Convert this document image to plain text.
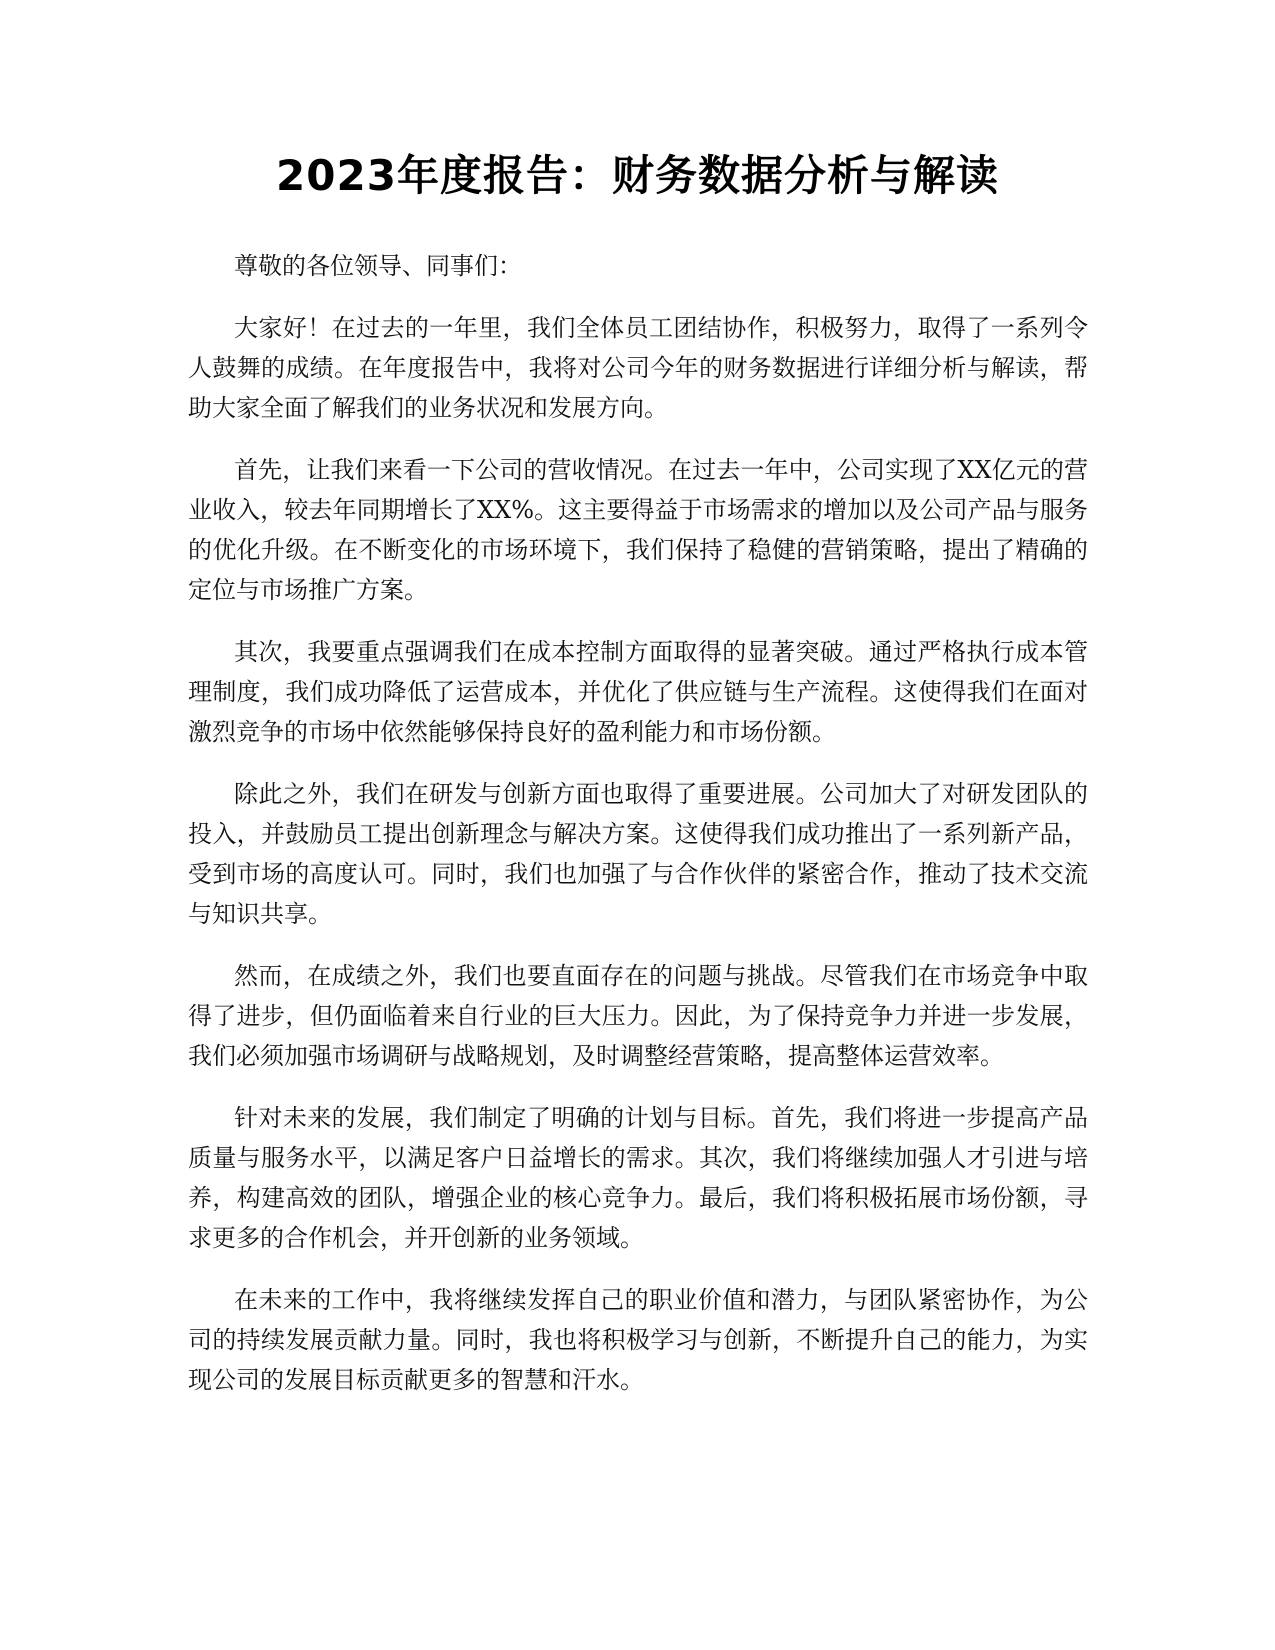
2023年度报告：财务数据分析与解读

尊敬的各位领导、同事们：

大家好！在过去的一年里，我们全体员工团结协作，积极努力，取得了一系列令人鼓舞的成绩。在年度报告中，我将对公司今年的财务数据进行详细分析与解读，帮助大家全面了解我们的业务状况和发展方向。

首先，让我们来看一下公司的营收情况。在过去一年中，公司实现了XX亿元的营业收入，较去年同期增长了XX%。这主要得益于市场需求的增加以及公司产品与服务的优化升级。在不断变化的市场环境下，我们保持了稳健的营销策略，提出了精确的定位与市场推广方案。

其次，我要重点强调我们在成本控制方面取得的显著突破。通过严格执行成本管理制度，我们成功降低了运营成本，并优化了供应链与生产流程。这使得我们在面对激烈竞争的市场中依然能够保持良好的盈利能力和市场份额。

除此之外，我们在研发与创新方面也取得了重要进展。公司加大了对研发团队的投入，并鼓励员工提出创新理念与解决方案。这使得我们成功推出了一系列新产品，受到市场的高度认可。同时，我们也加强了与合作伙伴的紧密合作，推动了技术交流与知识共享。

然而，在成绩之外，我们也要直面存在的问题与挑战。尽管我们在市场竞争中取得了进步，但仍面临着来自行业的巨大压力。因此，为了保持竞争力并进一步发展，我们必须加强市场调研与战略规划，及时调整经营策略，提高整体运营效率。

针对未来的发展，我们制定了明确的计划与目标。首先，我们将进一步提高产品质量与服务水平，以满足客户日益增长的需求。其次，我们将继续加强人才引进与培养，构建高效的团队，增强企业的核心竞争力。最后，我们将积极拓展市场份额，寻求更多的合作机会，并开创新的业务领域。

在未来的工作中，我将继续发挥自己的职业价值和潜力，与团队紧密协作，为公司的持续发展贡献力量。同时，我也将积极学习与创新，不断提升自己的能力，为实现公司的发展目标贡献更多的智慧和汗水。
